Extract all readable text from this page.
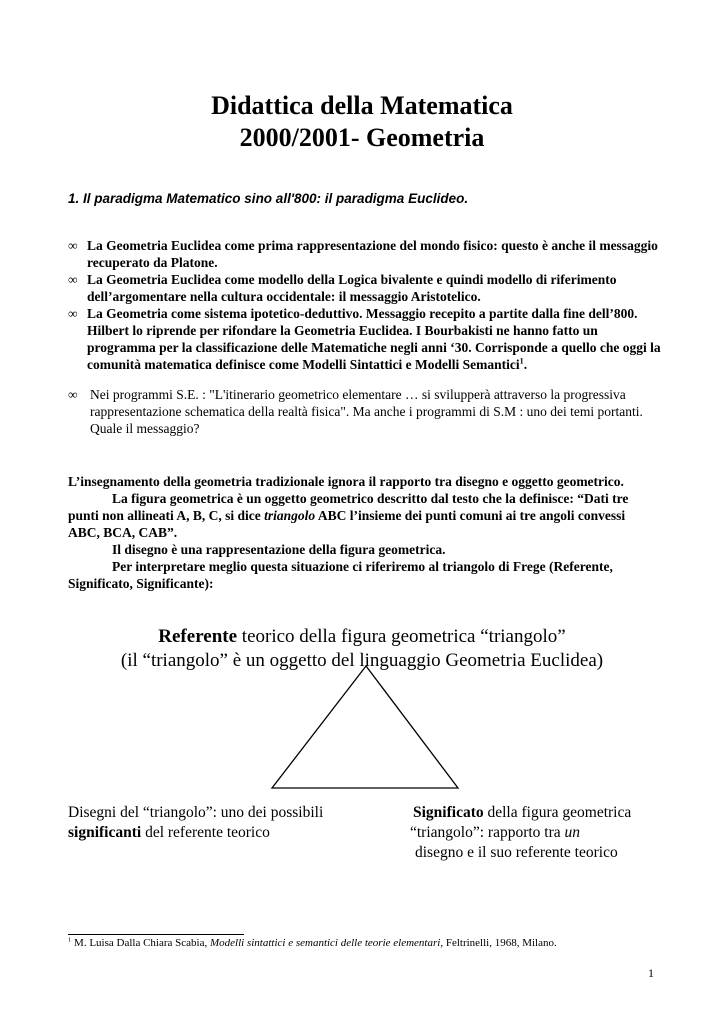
Didattica della Matematica
2000/2001- Geometria
1. Il paradigma Matematico sino all'800: il paradigma Euclideo.
∞ La Geometria Euclidea come prima rappresentazione del mondo fisico: questo è anche il messaggio recuperato da Platone.
∞ La Geometria Euclidea come modello della Logica bivalente e quindi modello di riferimento dell’argomentare nella cultura occidentale: il messaggio Aristotelico.
∞ La Geometria come sistema ipotetico-deduttivo. Messaggio recepito a partite dalla fine dell’800. Hilbert lo riprende per rifondare la Geometria Euclidea. I Bourbakisti ne hanno fatto un programma per la classificazione delle Matematiche negli anni ‘30. Corrisponde a quello che oggi la comunità matematica definisce come Modelli Sintattici e Modelli Semantici$^1$.
∞ Nei programmi S.E. : "L'itinerario geometrico elementare … si svilupperà attraverso la progressiva rappresentazione schematica della realtà fisica". Ma anche i programmi di S.M : uno dei temi portanti. Quale il messaggio?

L’insegnamento della geometria tradizionale ignora il rapporto tra disegno e oggetto geometrico.

La figura geometrica è un oggetto geometrico descritto dal testo che la definisce: “Dati tre punti non allineati A, B, C, si dice triangolo ABC l’insieme dei punti comuni ai tre angoli convessi ABC, BCA, CAB”.

Il disegno è una rappresentazione della figura geometrica.

Per interpretare meglio questa situazione ci riferiremo al triangolo di Frege (Referente, Significato, Significante):

Referente teorico della figura geometrica “triangolo”
(il “triangolo” è un oggetto del linguaggio Geometria Euclidea)
Disegni del “triangolo”: uno dei possibili
significanti del referente teorico
Significato della figura geometrica
“triangolo”: rapporto tra un
disegno e il suo referente teorico
$^1$ M. Luisa Dalla Chiara Scabia, Modelli sintattici e semantici delle teorie elementari, Feltrinelli, 1968, Milano.
1
